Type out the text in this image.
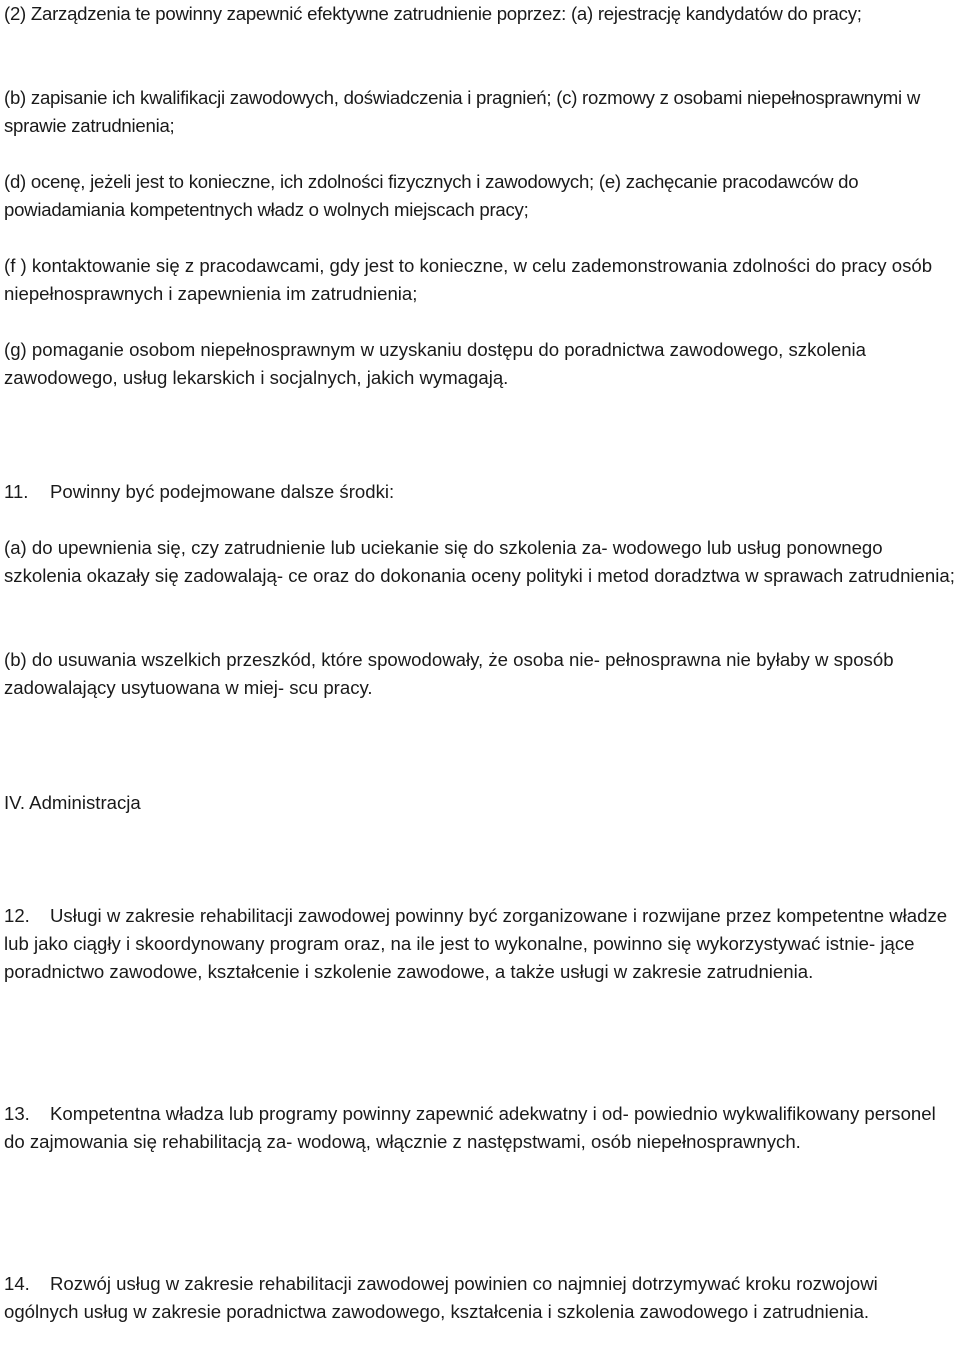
(2) Zarządzenia te powinny zapewnić efektywne zatrudnienie poprzez: (a) rejestrację kandydatów do pracy;

(b) zapisanie ich kwalifikacji zawodowych, doświadczenia i pragnień; (c) rozmowy z osobami niepełnosprawnymi w sprawie zatrudnienia;

(d) ocenę, jeżeli jest to konieczne, ich zdolności fizycznych i zawodowych; (e) zachęcanie pracodawców do powiadamiania kompetentnych władz o wolnych miejscach pracy;

(f ) kontaktowanie się z pracodawcami, gdy jest to konieczne, w celu zademonstrowania zdolności do pracy osób niepełnosprawnych i zapewnienia im zatrudnienia;

(g) pomaganie osobom niepełnosprawnym w uzyskaniu dostępu do poradnictwa zawodowego, szkolenia zawodowego, usług lekarskich i socjalnych, jakich wymagają.

11. Powinny być podejmowane dalsze środki:

(a) do upewnienia się, czy zatrudnienie lub uciekanie się do szkolenia za- wodowego lub usług ponownego szkolenia okazały się zadowalają- ce oraz do dokonania oceny polityki i metod doradztwa w sprawach zatrudnienia;

(b) do usuwania wszelkich przeszkód, które spowodowały, że osoba nie- pełnosprawna nie byłaby w sposób zadowalający usytuowana w miej- scu pracy.

IV. Administracja

12. Usługi w zakresie rehabilitacji zawodowej powinny być zorganizowane i rozwijane przez kompetentne władze lub jako ciągły i skoordynowany program oraz, na ile jest to wykonalne, powinno się wykorzystywać istnie- jące poradnictwo zawodowe, kształcenie i szkolenie zawodowe, a także usługi w zakresie zatrudnienia.

13. Kompetentna władza lub programy powinny zapewnić adekwatny i od- powiednio wykwalifikowany personel do zajmowania się rehabilitacją za- wodową, włącznie z następstwami, osób niepełnosprawnych.

14. Rozwój usług w zakresie rehabilitacji zawodowej powinien co najmniej dotrzymywać kroku rozwojowi ogólnych usług w zakresie poradnictwa zawodowego, kształcenia i szkolenia zawodowego i zatrudnienia.
